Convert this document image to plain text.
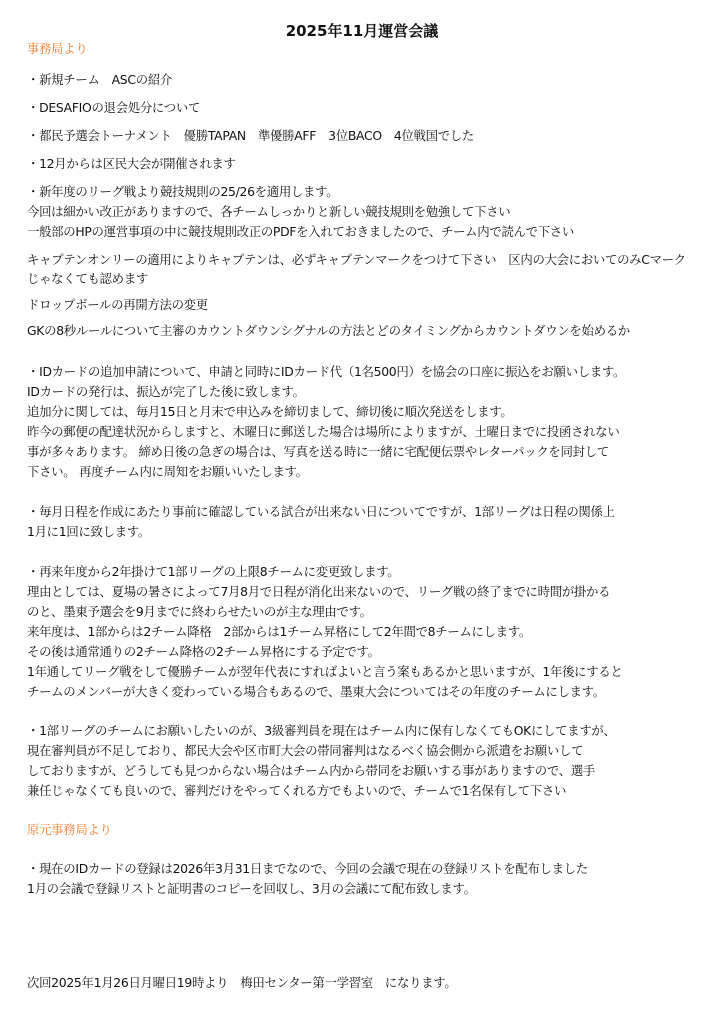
2025年11月運営会議
事務局より
・新規チーム　ASCの紹介
・DESAFIOの退会処分について
・都民予選会トーナメント　優勝TAPAN　準優勝AFF　3位BACO　4位戦国でした
・12月からは区民大会が開催されます
・新年度のリーグ戦より競技規則の25/26を適用します。
今回は細かい改正がありますので、各チームしっかりと新しい競技規則を勉強して下さい
一般部のHPの運営事項の中に競技規則改正のPDFを入れておきましたので、チーム内で読んで下さい
キャプテンオンリーの適用によりキャプテンは、必ずキャプテンマークをつけて下さい　区内の大会においてのみCマーク
じゃなくても認めます
ドロップボールの再開方法の変更
GKの8秒ルールについて主審のカウントダウンシグナルの方法とどのタイミングからカウントダウンを始めるか
・IDカードの追加申請について、申請と同時にIDカード代（1名500円）を協会の口座に振込をお願いします。
IDカードの発行は、振込が完了した後に致します。
追加分に関しては、毎月15日と月末で申込みを締切まして、締切後に順次発送をします。
昨今の郵便の配達状況からしますと、木曜日に郵送した場合は場所によりますが、土曜日までに投函されない
事が多々あります。 締め日後の急ぎの場合は、写真を送る時に一緒に宅配便伝票やレターパックを同封して
下さい。 再度チーム内に周知をお願いいたします。
・毎月日程を作成にあたり事前に確認している試合が出来ない日についてですが、1部リーグは日程の関係上
1月に1回に致します。
・再来年度から2年掛けて1部リーグの上限8チームに変更致します。
理由としては、夏場の暑さによって7月8月で日程が消化出来ないので、リーグ戦の終了までに時間が掛かる
のと、墨東予選会を9月までに終わらせたいのが主な理由です。
来年度は、1部からは2チーム降格　2部からは1チーム昇格にして2年間で8チームにします。
その後は通常通りの2チーム降格の2チーム昇格にする予定です。
1年通してリーグ戦をして優勝チームが翌年代表にすればよいと言う案もあるかと思いますが、1年後にすると
チームのメンバーが大きく変わっている場合もあるので、墨東大会についてはその年度のチームにします。
・1部リーグのチームにお願いしたいのが、3級審判員を現在はチーム内に保有しなくてもOKにしてますが、
現在審判員が不足しており、都民大会や区市町大会の帯同審判はなるべく協会側から派遣をお願いして
しておりますが、どうしても見つからない場合はチーム内から帯同をお願いする事がありますので、選手
兼任じゃなくても良いので、審判だけをやってくれる方でもよいので、チームで1名保有して下さい
原元事務局より
・現在のIDカードの登録は2026年3月31日までなので、今回の会議で現在の登録リストを配布しました
1月の会議で登録リストと証明書のコピーを回収し、3月の会議にて配布致します。
次回2025年1月26日月曜日19時より　梅田センター第一学習室　になります。
